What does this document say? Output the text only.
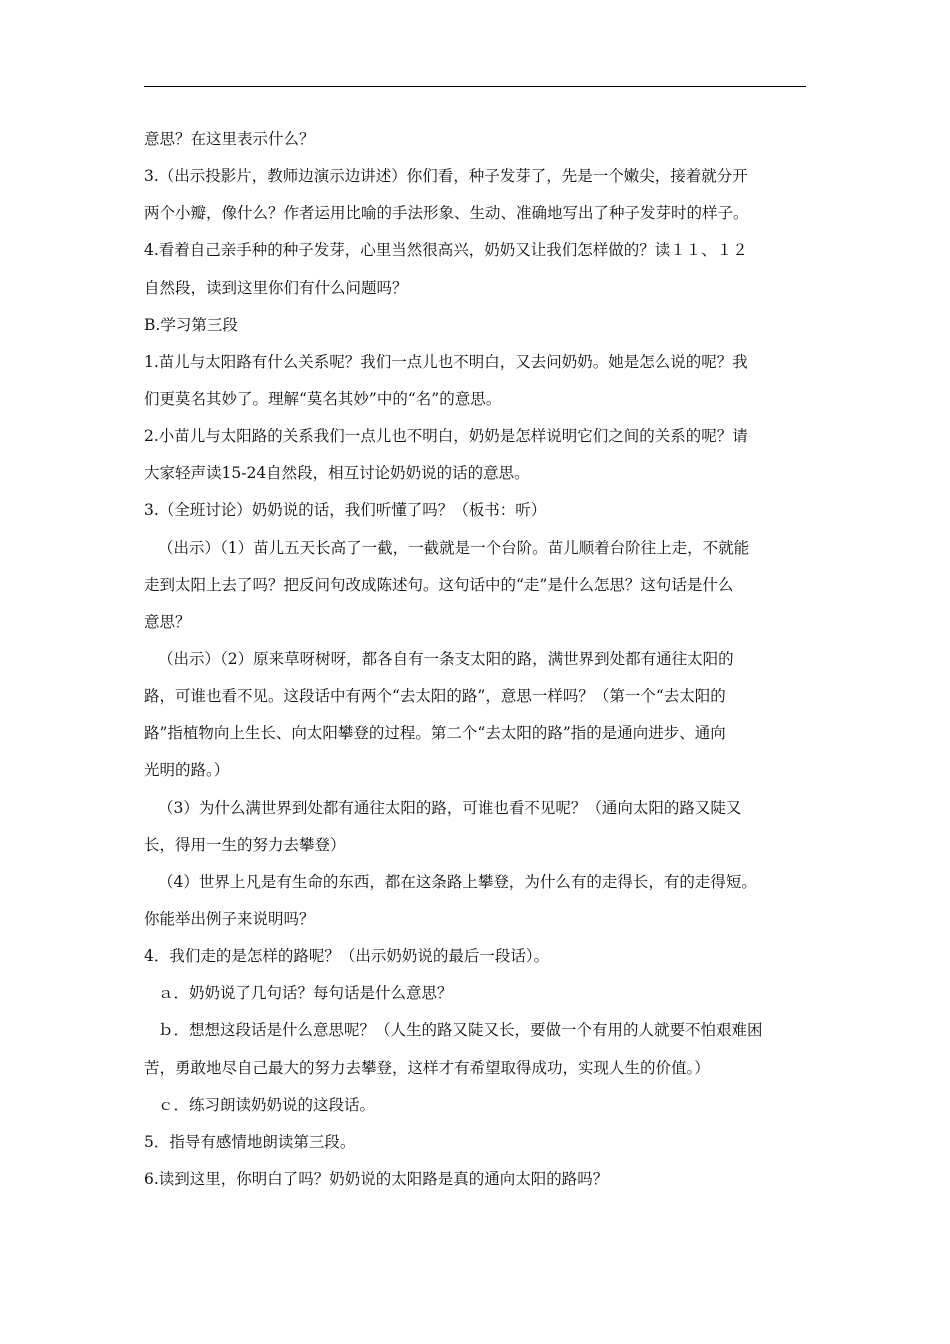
意思？在这里表示什么？
3.（出示投影片，教师边演示边讲述）你们看，种子发芽了，先是一个嫩尖，接着就分开
两个小瓣，像什么？作者运用比喻的手法形象、生动、准确地写出了种子发芽时的样子。
4.看着自己亲手种的种子发芽，心里当然很高兴，奶奶又让我们怎样做的？读１１、１２
自然段，读到这里你们有什么问题吗？
B.学习第三段
1.苗儿与太阳路有什么关系呢？我们一点儿也不明白，又去问奶奶。她是怎么说的呢？我
们更莫名其妙了。理解“莫名其妙”中的“名”的意思。
2.小苗儿与太阳路的关系我们一点儿也不明白，奶奶是怎样说明它们之间的关系的呢？请
大家轻声读15-24自然段，相互讨论奶奶说的话的意思。
3.（全班讨论）奶奶说的话，我们听懂了吗？（板书：听）
（出示）（1）苗儿五天长高了一截，一截就是一个台阶。苗儿顺着台阶往上走，不就能
走到太阳上去了吗？把反问句改成陈述句。这句话中的“走”是什么怎思？这句话是什么
意思？
（出示）（2）原来草呀树呀，都各自有一条支太阳的路，满世界到处都有通往太阳的
路，可谁也看不见。这段话中有两个“去太阳的路”，意思一样吗？（第一个“去太阳的
路”指植物向上生长、向太阳攀登的过程。第二个“去太阳的路”指的是通向进步、通向
光明的路。）
（3）为什么满世界到处都有通往太阳的路，可谁也看不见呢？（通向太阳的路又陡又
长，得用一生的努力去攀登）
（4）世界上凡是有生命的东西，都在这条路上攀登，为什么有的走得长，有的走得短。
你能举出例子来说明吗？
4．我们走的是怎样的路呢？（出示奶奶说的最后一段话）。
ａ．奶奶说了几句话？每句话是什么意思？
ｂ．想想这段话是什么意思呢？（人生的路又陡又长，要做一个有用的人就要不怕艰难困
苦，勇敢地尽自己最大的努力去攀登，这样才有希望取得成功，实现人生的价值。）
ｃ．练习朗读奶奶说的这段话。
5．指导有感情地朗读第三段。
6.读到这里，你明白了吗？奶奶说的太阳路是真的通向太阳的路吗？
